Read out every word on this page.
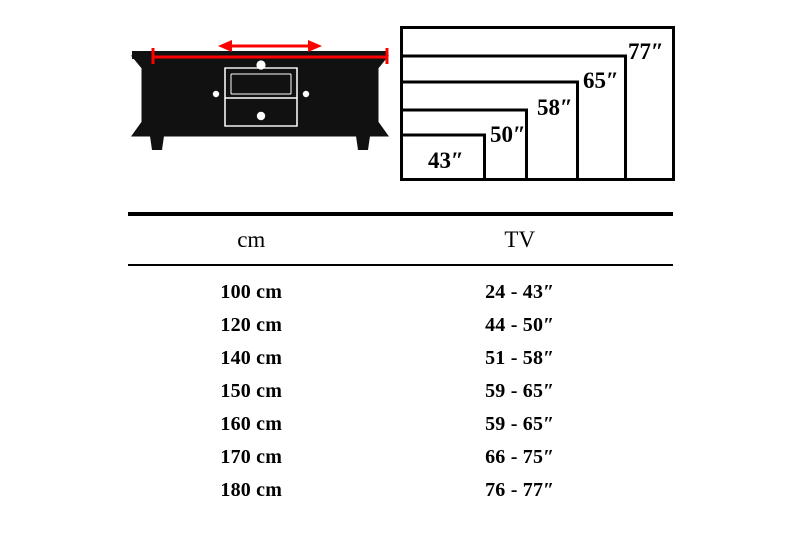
43″
50″
58″
65″
77″
cm	TV
100 cm	24 - 43″
120 cm	44 - 50″
140 cm	51 - 58″
150 cm	59 - 65″
160 cm	59 - 65″
170 cm	66 - 75″
180 cm	76 - 77″
